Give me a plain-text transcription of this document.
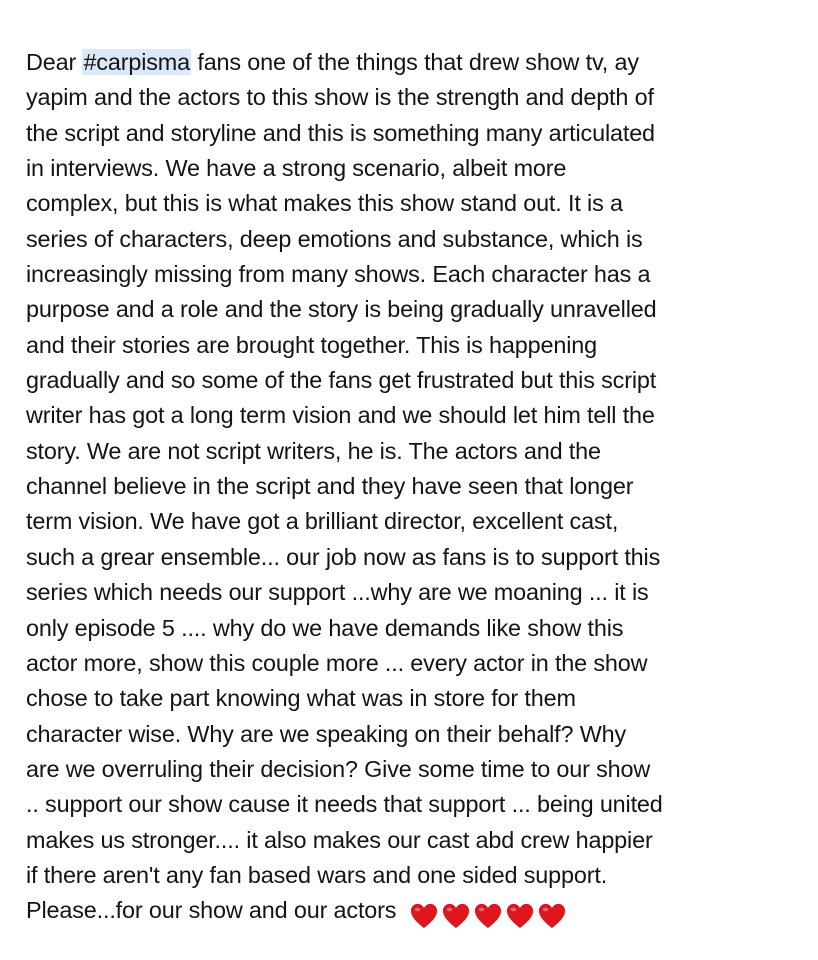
Dear #carpisma fans one of the things that drew show tv, ay
yapim and the actors to this show is the strength and depth of
the script and storyline and this is something many articulated
in interviews. We have a strong scenario, albeit more
complex, but this is what makes this show stand out. It is a
series of characters, deep emotions and substance, which is
increasingly missing from many shows. Each character has a
purpose and a role and the story is being gradually unravelled
and their stories are brought together. This is happening
gradually and so some of the fans get frustrated but this script
writer has got a long term vision and we should let him tell the
story. We are not script writers, he is. The actors and the
channel believe in the script and they have seen that longer
term vision. We have got a brilliant director, excellent cast,
such a grear ensemble... our job now as fans is to support this
series which needs our support ...why are we moaning ... it is
only episode 5 .... why do we have demands like show this
actor more, show this couple more ... every actor in the show
chose to take part knowing what was in store for them
character wise. Why are we speaking on their behalf? Why
are we overruling their decision? Give some time to our show
.. support our show cause it needs that support ... being united
makes us stronger.... it also makes our cast abd crew happier
if there aren't any fan based wars and one sided support.
Please...for our show and our actors
